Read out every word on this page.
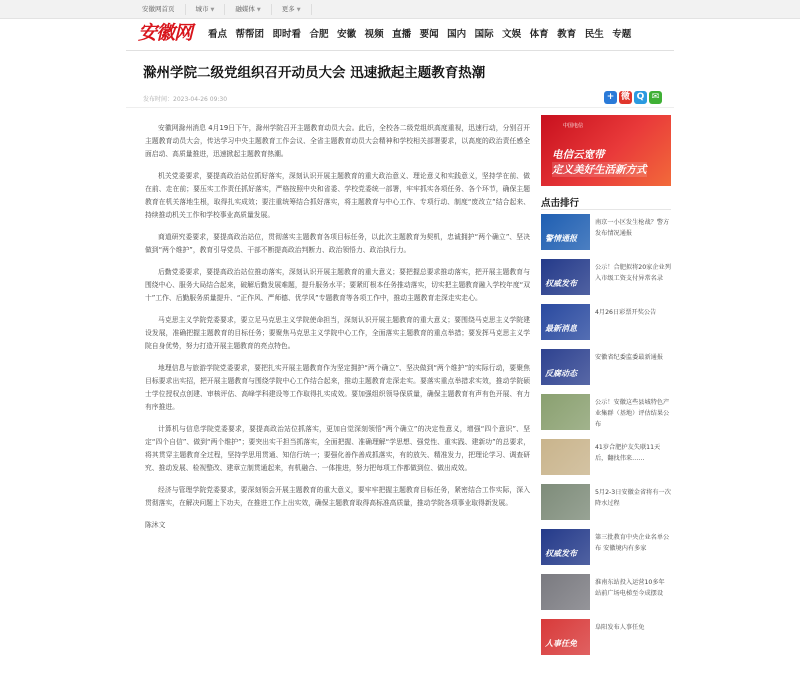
安徽网首页	城市 ▼	融媒体 ▼	更多 ▼
安徽网	看点 帮帮团 即时看 合肥 安徽 视频 直播 要闻 国内 国际 文娱 体育 教育 民生 专题
滁州学院二级党组织召开动员大会 迅速掀起主题教育热潮
发布时间：2023-04-26 09:30	+ 微 Q ✉

安徽网滁州消息 4月19日下午，滁州学院召开主题教育动员大会。此后，全校各二级党组织高度重视，迅速行动，分别召开主题教育动员大会，传达学习中央主题教育工作会议、全省主题教育动员大会精神和学校相关部署要求，以高度的政治责任感全面启动、高质量推进，迅速掀起主题教育热潮。

机关党委要求，要提高政治站位抓好落实，深刻认识开展主题教育的重大政治意义、理论意义和实践意义，坚持学在前、做在前、走在前；要压实工作责任抓好落实，严格按照中央和省委、学校党委统一部署，牢牢抓实各项任务、各个环节，确保主题教育在机关落地生根，取得扎实成效；要注重统筹结合抓好落实，将主题教育与中心工作、专项行动、制度“废改立”结合起来、持续推动机关工作和学校事业高质量发展。

商道研究委要求，要提高政治站位，贯彻落实主题教育各项目标任务，以此次主题教育为契机，忠诚拥护“两个确立”、坚决做到“两个维护”，教育引导党员、干部不断提高政治判断力、政治领悟力、政治执行力。

后勤党委要求，要提高政治站位推动落实，深刻认识开展主题教育的重大意义；要把握总要求推动落实，把开展主题教育与围绕中心、服务大局结合起来，破解后勤发展难题，提升服务水平；要紧盯根本任务推动落实，切实把主题教育融入学校年度“双十”工作、后勤服务质量提升、“正作风、严师德、优学风”专题教育等各项工作中，推动主题教育走深走实走心。

马克思主义学院党委要求，要立足马克思主义学院使命担当，深刻认识开展主题教育的重大意义；要围绕马克思主义学院建设发展，准确把握主题教育的目标任务；要聚焦马克思主义学院中心工作，全面落实主题教育的重点举措；要发挥马克思主义学院自身优势，努力打造开展主题教育的亮点特色。

地理信息与旅游学院党委要求，要把扎实开展主题教育作为坚定拥护“两个确立”、坚决做到“两个维护”的实际行动，要聚焦目标要求出实招，把开展主题教育与围绕学院中心工作结合起来，推动主题教育走深走实。要落实重点举措求实效，推动学院硕士学位授权点创建、审核评估、高峰学科建设等工作取得扎实成效。要加强组织领导保质量，确保主题教育有声有色开展、有力有序推进。

计算机与信息学院党委要求，要提高政治站位抓落实，更加自觉深刻领悟“两个确立”的决定性意义，增强“四个意识”、坚定“四个自信”、做到“两个维护”；要突出实干担当抓落实，全面把握、准确理解“学思想、强党性、重实践、建新功”的总要求，将其贯穿主题教育全过程，坚持学思用贯通、知信行统一；要强化善作善成抓落实，有的放矢、精准发力，把理论学习、调查研究、推动发展、检视整改、建章立制贯通起来，有机融合、一体推进，努力把每项工作都做到位、做出成效。

经济与管理学院党委要求，要深刻领会开展主题教育的重大意义，要牢牢把握主题教育目标任务，紧密结合工作实际，深入贯彻落实，在解决问题上下功夫，在推进工作上出实效，确保主题教育取得高标准高质量，推动学院各项事业取得新发展。

陈沐文

中国电信
电信云宽带
定义美好生活新方式
点击排行
警情通报
南京一小区发生枪战？警方发布情况通报
权威发布
公示！合肥拟将20家企业列入市级工资支付异常名录
最新消息
4月26日彩票开奖公告
反腐动态
安徽省纪委监委最新通报
公示！安徽这些县城特色产业集群（基地）评估结果公布
41岁合肥护友失联11天后，翻找伟来……
5月2-3日安徽金省将有一次降水过程
权威发布
第三批教育中央企业名单公布 安徽境内有多家
淮南东站投入运营10多年 站前广场电梯至今成摆设
人事任免
阜阳发布人事任免
